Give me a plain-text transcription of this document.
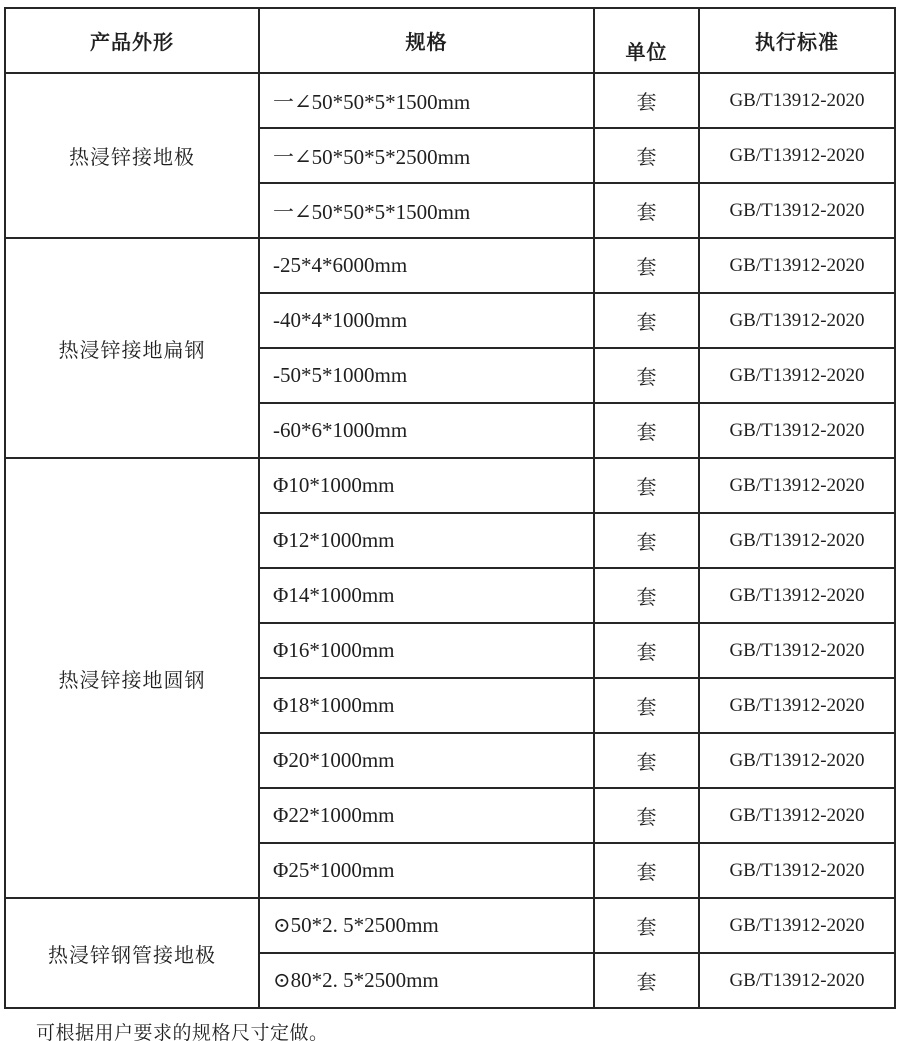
产品外形	规格	单位	执行标准
热浸锌接地极	一∠50*50*5*1500mm	套	GB/T13912-2020
	一∠50*50*5*2500mm	套	GB/T13912-2020
	一∠50*50*5*1500mm	套	GB/T13912-2020
热浸锌接地扁钢	-25*4*6000mm	套	GB/T13912-2020
	-40*4*1000mm	套	GB/T13912-2020
	-50*5*1000mm	套	GB/T13912-2020
	-60*6*1000mm	套	GB/T13912-2020
热浸锌接地圆钢	Φ10*1000mm	套	GB/T13912-2020
	Φ12*1000mm	套	GB/T13912-2020
	Φ14*1000mm	套	GB/T13912-2020
	Φ16*1000mm	套	GB/T13912-2020
	Φ18*1000mm	套	GB/T13912-2020
	Φ20*1000mm	套	GB/T13912-2020
	Φ22*1000mm	套	GB/T13912-2020
	Φ25*1000mm	套	GB/T13912-2020
热浸锌钢管接地极	⊙50*2. 5*2500mm	套	GB/T13912-2020
	⊙80*2. 5*2500mm	套	GB/T13912-2020

可根据用户要求的规格尺寸定做。
